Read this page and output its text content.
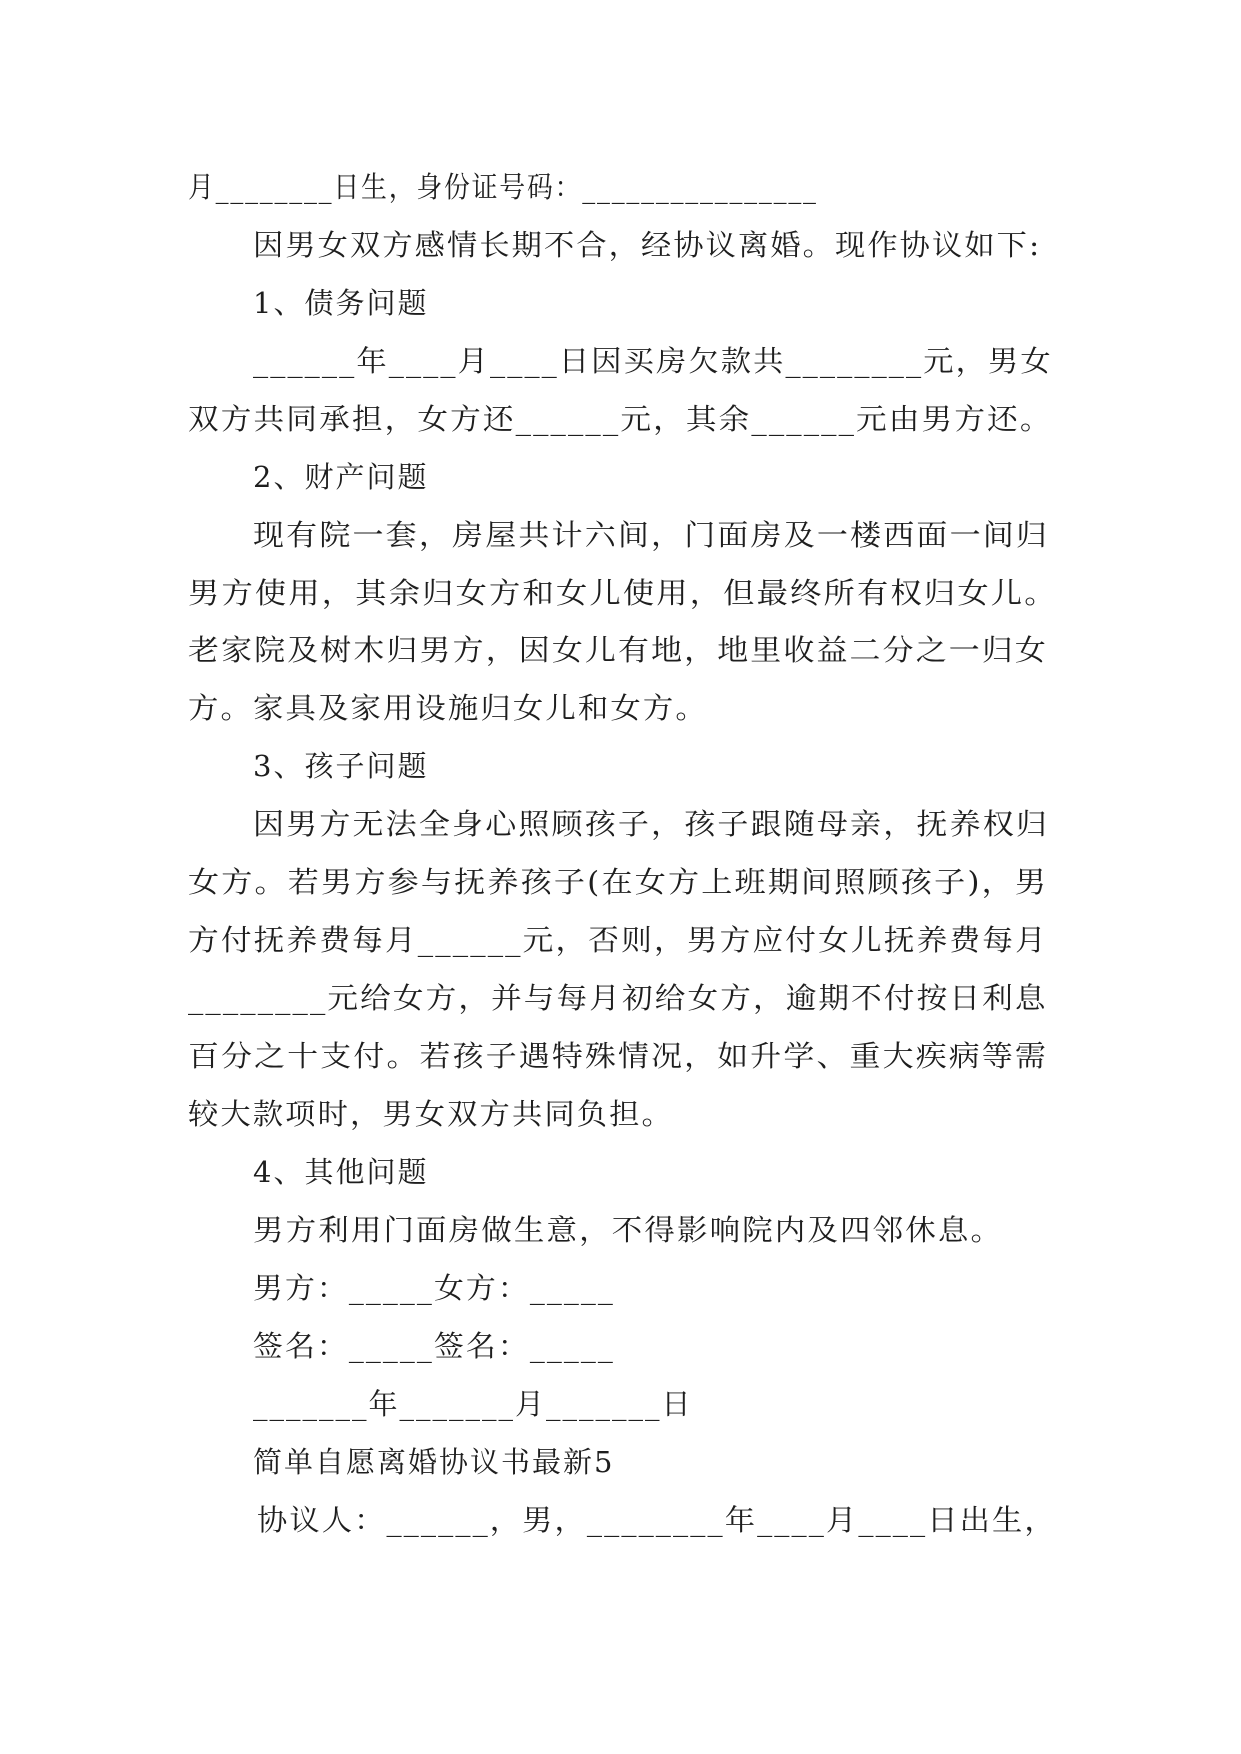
月________日生，身份证号码：________________
因男女双方感情长期不合，经协议离婚。现作协议如下:
1、债务问题
______年____月____日因买房欠款共________元，男女
双方共同承担，女方还______元，其余______元由男方还。
2、财产问题
现有院一套，房屋共计六间，门面房及一楼西面一间归
男方使用，其余归女方和女儿使用，但最终所有权归女儿。
老家院及树木归男方，因女儿有地，地里收益二分之一归女
方。家具及家用设施归女儿和女方。
3、孩子问题
因男方无法全身心照顾孩子，孩子跟随母亲，抚养权归
女方。若男方参与抚养孩子(在女方上班期间照顾孩子)，男
方付抚养费每月______元，否则，男方应付女儿抚养费每月
________元给女方，并与每月初给女方，逾期不付按日利息
百分之十支付。若孩子遇特殊情况，如升学、重大疾病等需
较大款项时，男女双方共同负担。
4、其他问题
男方利用门面房做生意，不得影响院内及四邻休息。
男方：_____女方：_____
签名：_____签名：_____
_______年_______月_______日
简单自愿离婚协议书最新5
协议人：______，男，________年____月____日出生，
